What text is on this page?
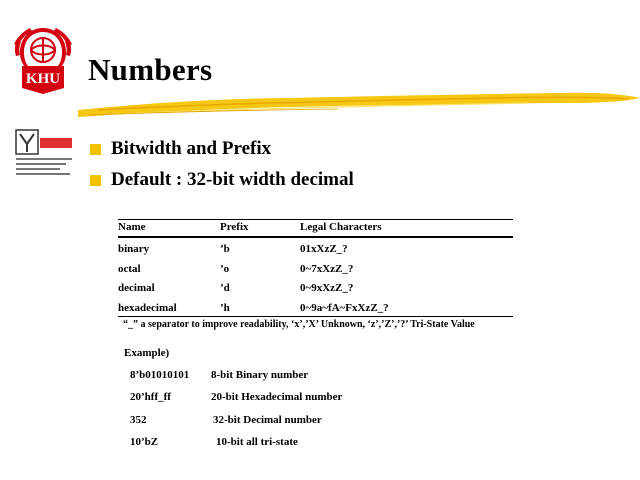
KHU Numbers
Bitwidth and Prefix
Default : 32-bit width decimal
Name	Prefix	Legal Characters
binary	’b	01xXzZ_?
octal	’o	0~7xXzZ_?
decimal	’d	0~9xXzZ_?
hexadecimal	’h	0~9a~fA~FxXzZ_?
“_” a separator to improve readability, ‘x’,’X’ Unknown, ‘z’,’Z’,’?’ Tri-State Value
Example)
8’b01010101 8-bit Binary number
20’hff_ff	20-bit Hexadecimal number
352	32-bit Decimal number
10’bZ	10-bit all tri-state
